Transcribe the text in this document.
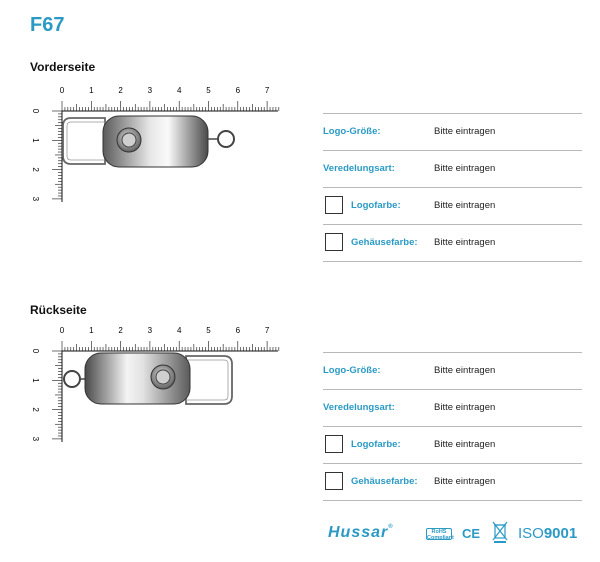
F67
Vorderseite
0	1	2	3	4	5	6	7
0
1
2
3
Logo-Größe:	Bitte eintragen
Veredelungsart:	Bitte eintragen
Logofarbe:	Bitte eintragen
Gehäusefarbe: Bitte eintragen
Rückseite
0	1	2	3	4	5	6	7
0
1
2
3
Logo-Größe:	Bitte eintragen
Veredelungsart:	Bitte eintragen
Logofarbe:	Bitte eintragen
Gehäusefarbe: Bitte eintragen
Hussar®
RoHS
Compliant CE	ISO9001
